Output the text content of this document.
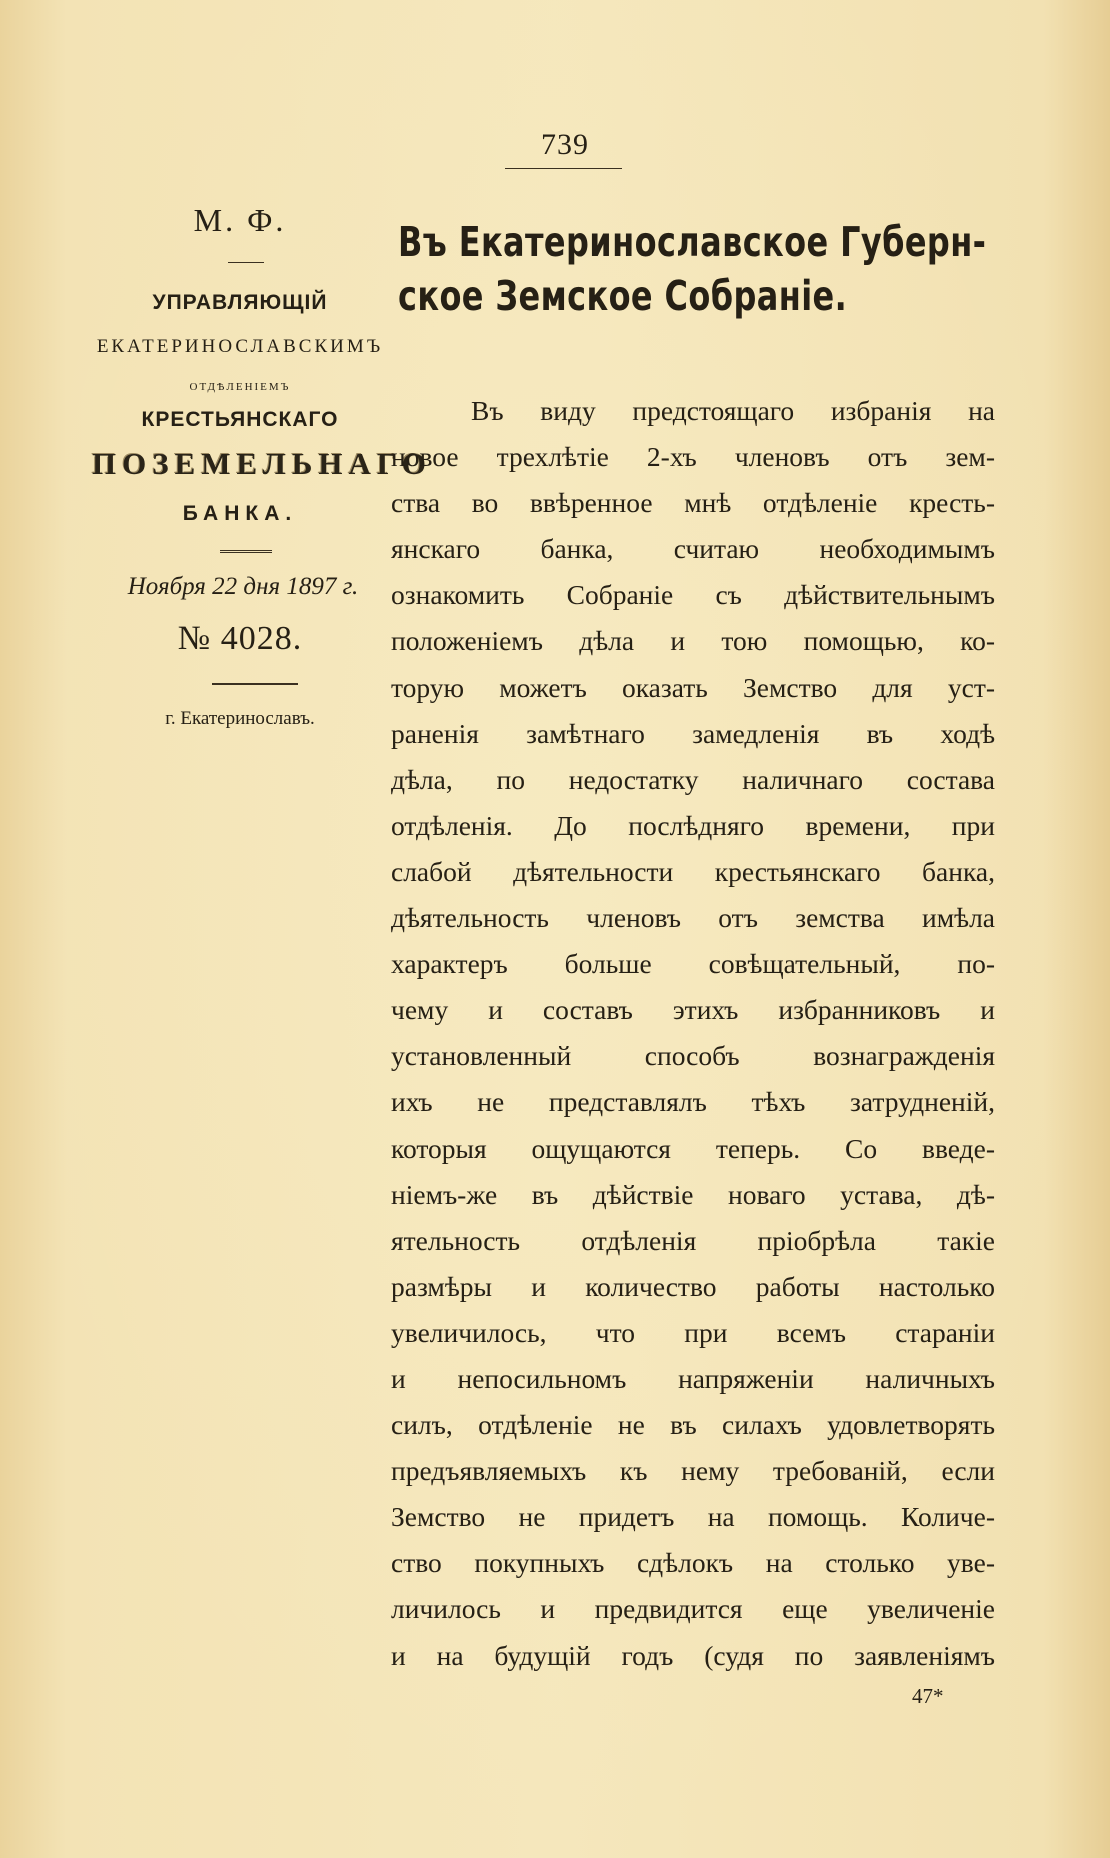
739
М. Ф.
УПРАВЛЯЮЩІЙ
ЕКАТЕРИНОСЛАВСКИМЪ
ОТДѢЛЕНІЕМЪ
КРЕСТЬЯНСКАГО
ПОЗЕМЕЛЬНАГО
БАНКА.
Ноября 22 дня 1897 г.
№ 4028.
г. Екатеринославъ.
Въ Екатеринославское Губерн-
ское Земское Собраніе.
Въ виду предстоящаго избранія на
новое трехлѣтіе 2-хъ членовъ отъ зем-
ства во ввѣренное мнѣ отдѣленіе кресть-
янскаго банка, считаю необходимымъ
ознакомить Собраніе съ дѣйствительнымъ
положеніемъ дѣла и тою помощью, ко-
торую можетъ оказать Земство для уст-
раненія замѣтнаго замедленія въ ходѣ
дѣла, по недостатку наличнаго состава
отдѣленія. До послѣдняго времени, при
слабой дѣятельности крестьянскаго банка,
дѣятельность членовъ отъ земства имѣла
характеръ больше совѣщательный, по-
чему и составъ этихъ избранниковъ и
установленный способъ вознагражденія
ихъ не представлялъ тѣхъ затрудненій,
которыя ощущаются теперь. Со введе-
ніемъ-же въ дѣйствіе новаго устава, дѣ-
ятельность отдѣленія пріобрѣла такіе
размѣры и количество работы настолько
увеличилось, что при всемъ стараніи
и непосильномъ напряженіи наличныхъ
силъ, отдѣленіе не въ силахъ удовлетворять
предъявляемыхъ къ нему требованій, если
Земство не придетъ на помощь. Количе-
ство покупныхъ сдѣлокъ на столько уве-
личилось и предвидится еще увеличеніе
и на будущій годъ (судя по заявленіямъ
47*
